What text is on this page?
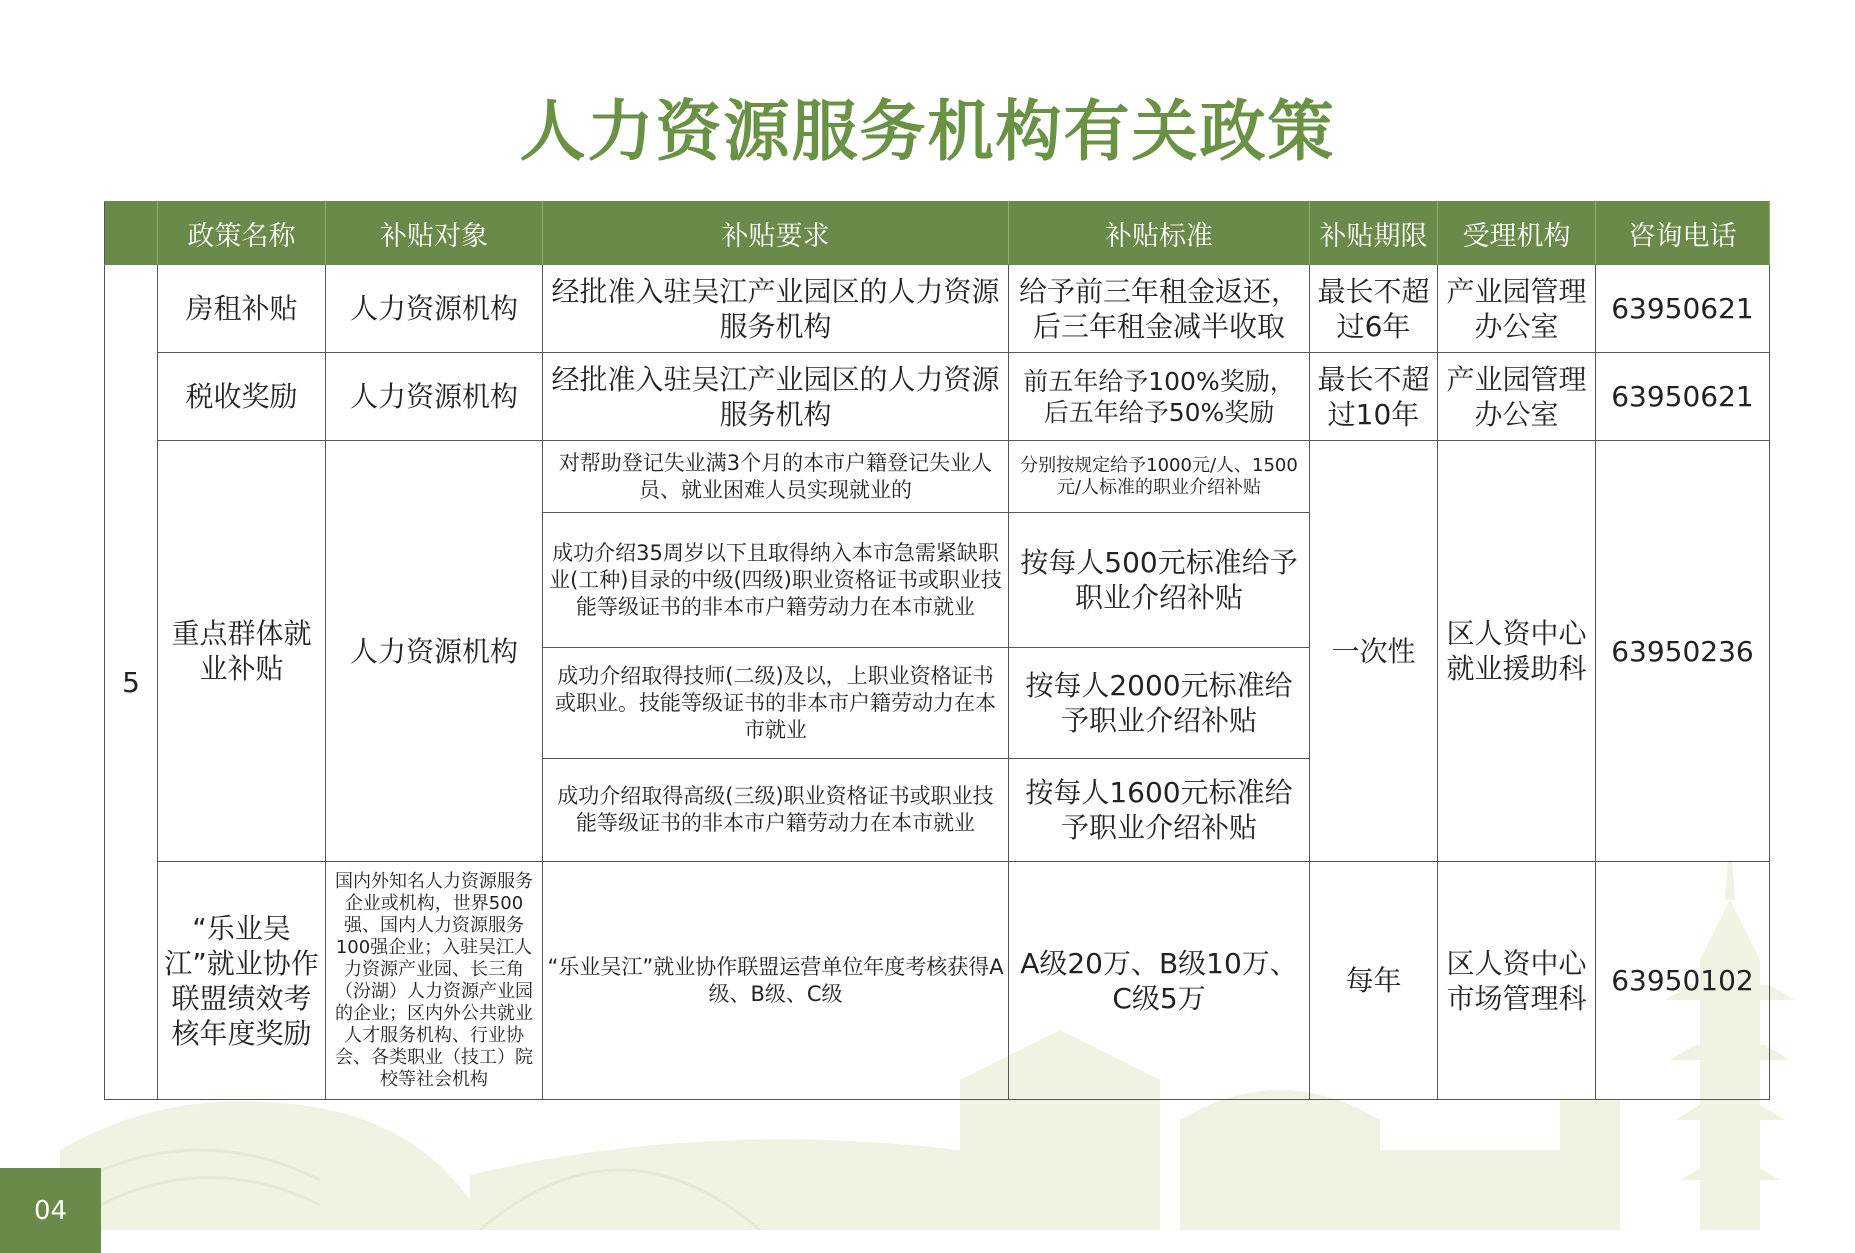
人力资源服务机构有关政策
	政策名称	补贴对象	补贴要求	补贴标准	补贴期限	受理机构	咨询电话
5	房租补贴	人力资源机构	经批准入驻吴江产业园区的人力资源服务机构	给予前三年租金返还，后三年租金减半收取	最长不超过6年	产业园管理办公室	63950621
	税收奖励	人力资源机构	经批准入驻吴江产业园区的人力资源服务机构	前五年给予100%奖励，后五年给予50%奖励	最长不超过10年	产业园管理办公室	63950621
	重点群体就业补贴	人力资源机构	对帮助登记失业满3个月的本市户籍登记失业人员、就业困难人员实现就业的	分别按规定给予1000元/人、1500元/人标准的职业介绍补贴	一次性	区人资中心就业援助科	63950236
			成功介绍35周岁以下且取得纳入本市急需紧缺职业(工种)目录的中级(四级)职业资格证书或职业技能等级证书的非本市户籍劳动力在本市就业	按每人500元标准给予职业介绍补贴			
			成功介绍取得技师(二级)及以，上职业资格证书或职业。技能等级证书的非本市户籍劳动力在本市就业	按每人2000元标准给予职业介绍补贴			
			成功介绍取得高级(三级)职业资格证书或职业技能等级证书的非本市户籍劳动力在本市就业	按每人1600元标准给予职业介绍补贴			
	“乐业吴江”就业协作联盟绩效考核年度奖励	国内外知名人力资源服务企业或机构，世界500强、国内人力资源服务100强企业；入驻吴江人力资源产业园、长三角（汾湖）人力资源产业园的企业；区内外公共就业人才服务机构、行业协会、各类职业（技工）院校等社会机构	“乐业吴江”就业协作联盟运营单位年度考核获得A级、B级、C级	A级20万、B级10万、C级5万	每年	区人资中心市场管理科	63950102
04
